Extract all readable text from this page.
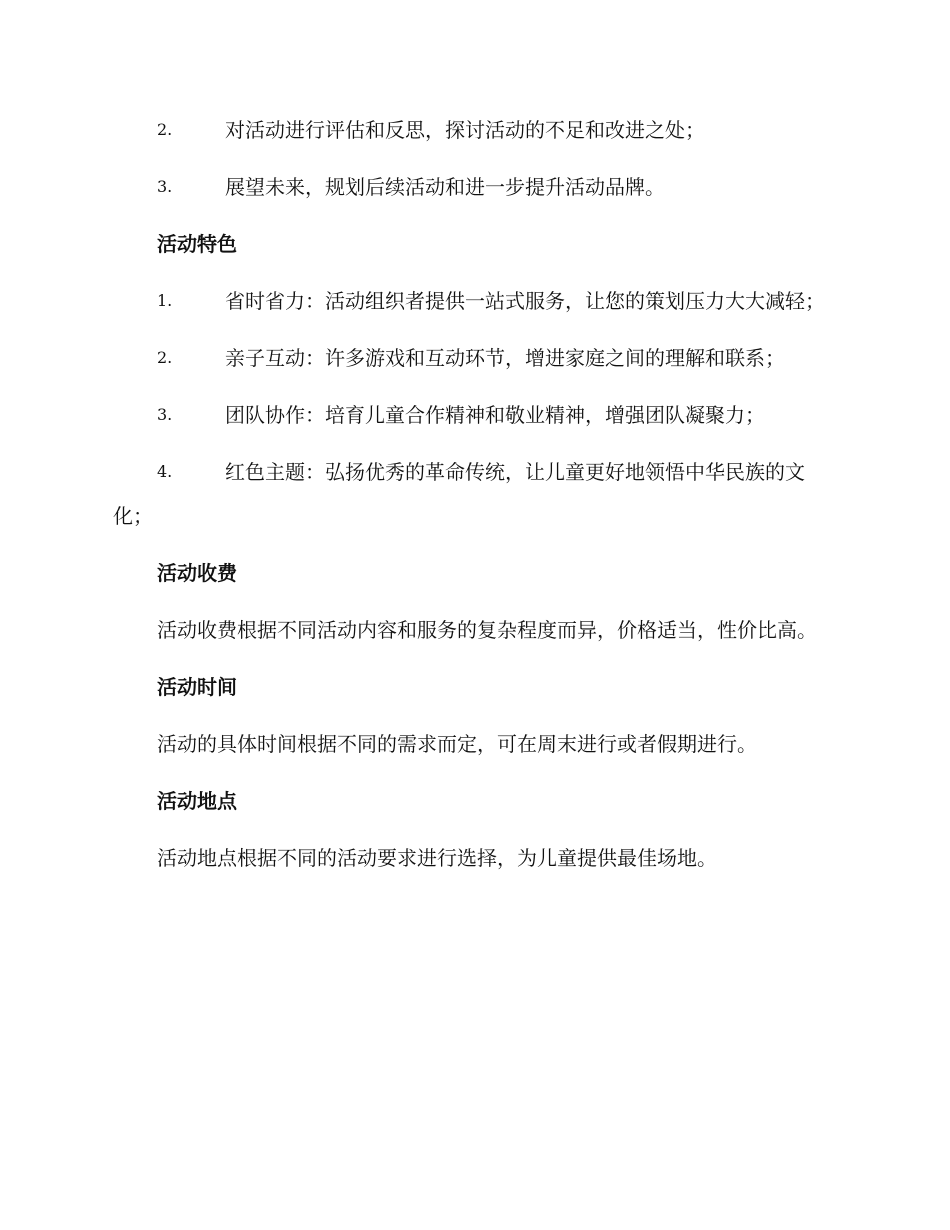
2.	对活动进行评估和反思，探讨活动的不足和改进之处；
3.	展望未来，规划后续活动和进一步提升活动品牌。
活动特色
1.	省时省力：活动组织者提供一站式服务，让您的策划压力大大减轻；
2.	亲子互动：许多游戏和互动环节，增进家庭之间的理解和联系；
3.	团队协作：培育儿童合作精神和敬业精神，增强团队凝聚力；
4.	红色主题：弘扬优秀的革命传统，让儿童更好地领悟中华民族的文化；
活动收费
活动收费根据不同活动内容和服务的复杂程度而异，价格适当，性价比高。
活动时间
活动的具体时间根据不同的需求而定，可在周末进行或者假期进行。
活动地点
活动地点根据不同的活动要求进行选择，为儿童提供最佳场地。
